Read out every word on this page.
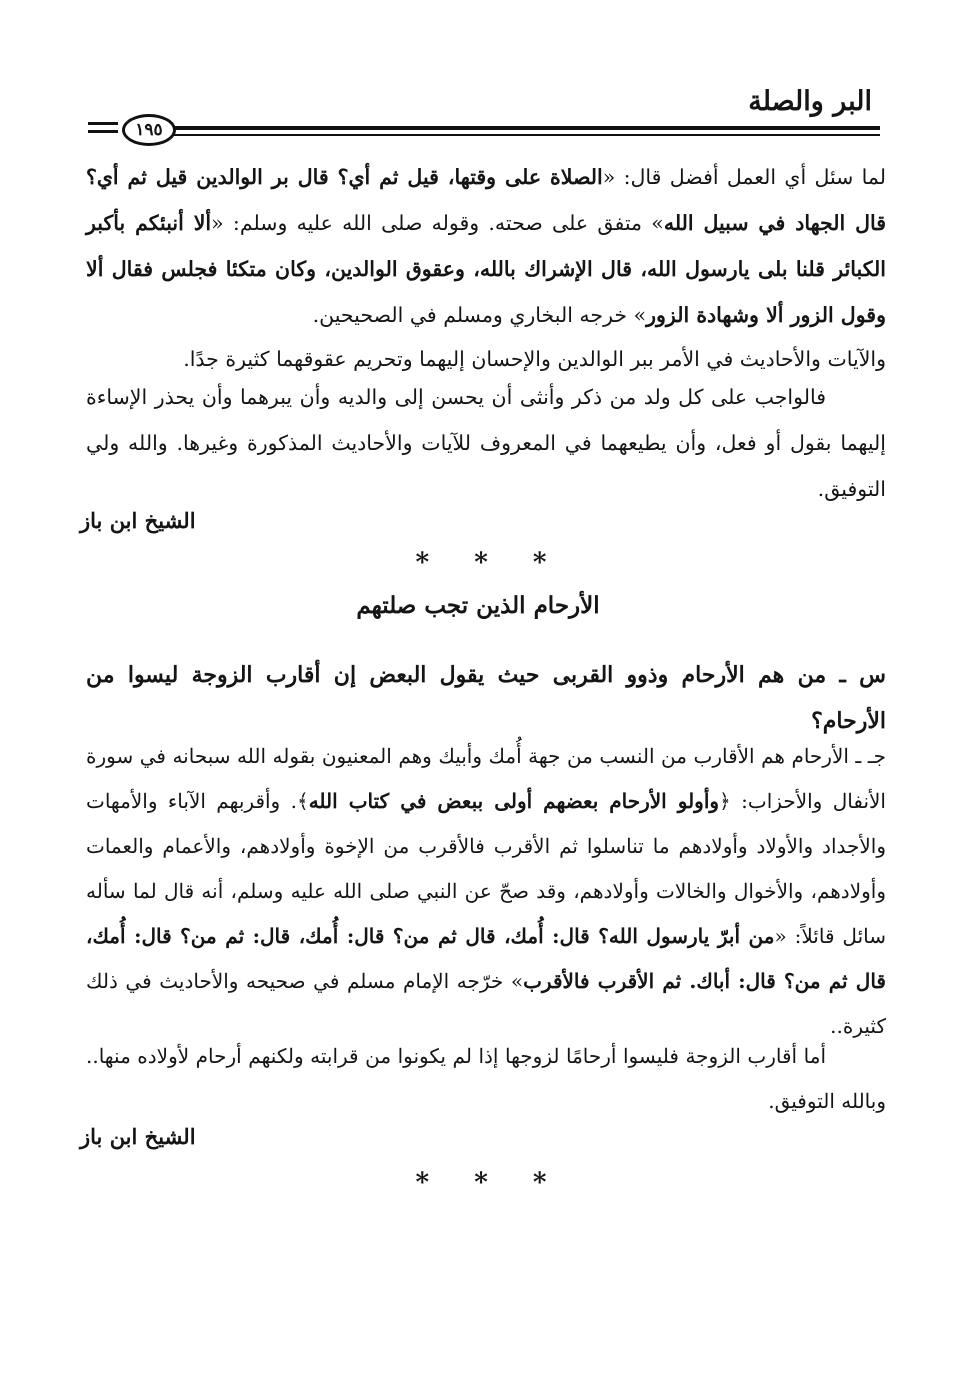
البر والصلة
١٩٥
لما سئل أي العمل أفضل قال: «الصلاة على وقتها، قيل ثم أي؟ قال بر الوالدين قيل ثم أي؟ قال الجهاد في سبيل الله» متفق على صحته. وقوله صلى الله عليه وسلم: «ألا أنبئكم بأكبر الكبائر قلنا بلى يارسول الله، قال الإشراك بالله، وعقوق الوالدين، وكان متكئا فجلس فقال ألا وقول الزور ألا وشهادة الزور» خرجه البخاري ومسلم في الصحيحين.
والآيات والأحاديث في الأمر ببر الوالدين والإحسان إليهما وتحريم عقوقهما كثيرة جدًا.
فالواجب على كل ولد من ذكر وأنثى أن يحسن إلى والديه وأن يبرهما وأن يحذر الإساءة إليهما بقول أو فعل، وأن يطيعهما في المعروف للآيات والأحاديث المذكورة وغيرها. والله ولي التوفيق.
الشيخ ابن باز
* * *
الأرحام الذين تجب صلتهم
س ـ من هم الأرحام وذوو القربى حيث يقول البعض إن أقارب الزوجة ليسوا من الأرحام؟
جـ ـ الأرحام هم الأقارب من النسب من جهة أُمك وأبيك وهم المعنيون بقوله الله سبحانه في سورة الأنفال والأحزاب: ﴿وأولو الأرحام بعضهم أولى ببعض في كتاب الله﴾. وأقربهم الآباء والأمهات والأجداد والأولاد وأولادهم ما تناسلوا ثم الأقرب فالأقرب من الإخوة وأولادهم، والأعمام والعمات وأولادهم، والأخوال والخالات وأولادهم، وقد صحّ عن النبي صلى الله عليه وسلم، أنه قال لما سأله سائل قائلاً: «من أبرّ يارسول الله؟ قال: أُمك، قال ثم من؟ قال: أُمك، قال: ثم من؟ قال: أُمك، قال ثم من؟ قال: أباك. ثم الأقرب فالأقرب» خرّجه الإمام مسلم في صحيحه والأحاديث في ذلك كثيرة..
أما أقارب الزوجة فليسوا أرحامًا لزوجها إذا لم يكونوا من قرابته ولكنهم أرحام لأولاده منها.. وبالله التوفيق.
الشيخ ابن باز
* * *
